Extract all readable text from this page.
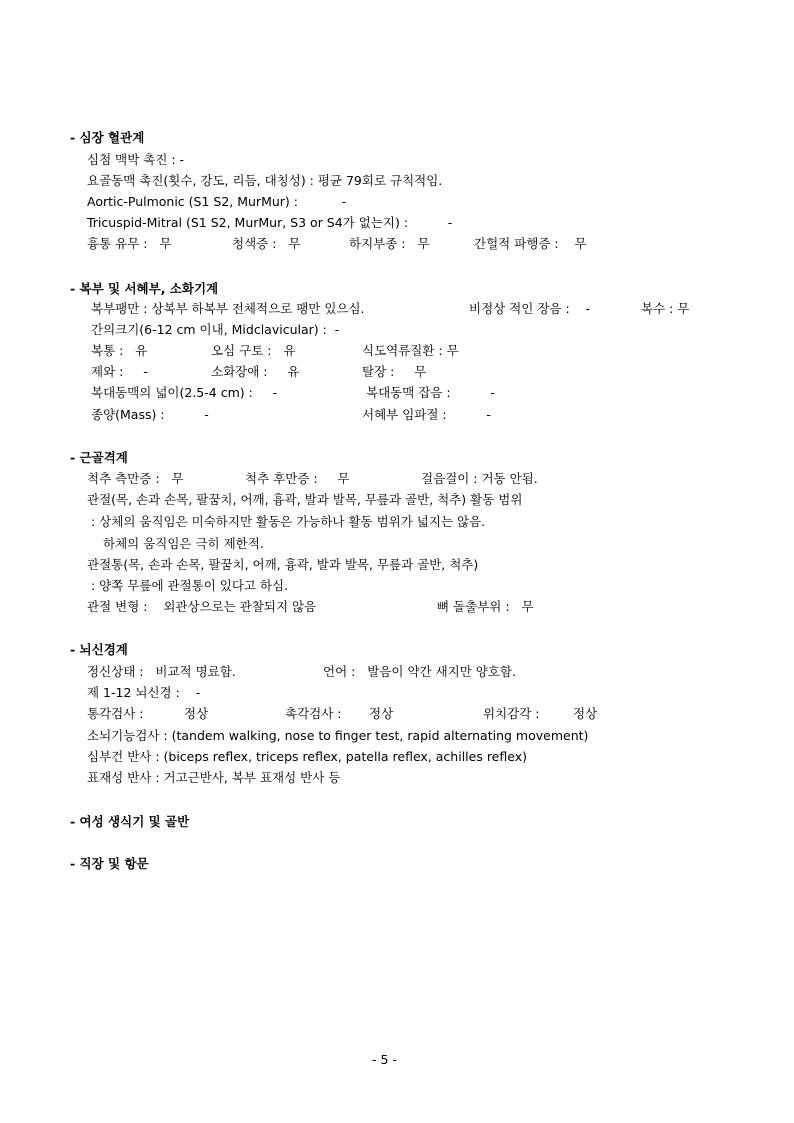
- 심장 혈관계
심첨 맥박 촉진 : -
요골동맥 촉진(횟수, 강도, 리듬, 대칭성) : 평균 79회로 규칙적임.
Aortic-Pulmonic (S1 S2, MurMur) :           -
Tricuspid-Mitral (S1 S2, MurMur, S3 or S4가 없는지) :          -
흉통 유무 :   무	청색증 :   무	하지부종 :   무	간헐적 파행증 :    무
- 복부 및 서혜부, 소화기계
복부팽만 : 상복부 하복부 전체적으로 팽만 있으심.	비정상 적인 장음 :    -	복수 : 무
간의크기(6-12 cm 이내, Midclavicular) :  -
복통 :   유	오심 구토 :   유	식도역류질환 : 무
제와 :     -	소화장애 :     유	탈장 :     무
복대동맥의 넓이(2.5-4 cm) :     -	복대동맥 잡음 :          -
종양(Mass) :          -	서혜부 임파절 :          -
- 근골격계
척추 측만증 :   무	척추 후만증 :     무	걸음걸이 : 거동 안됨.
관절(목, 손과 손목, 팔꿈치, 어깨, 흉곽, 발과 발목, 무릎과 골반, 척추) 활동 범위
: 상체의 움직임은 미숙하지만 활동은 가능하나 활동 범위가 넓지는 않음.
하체의 움직임은 극히 제한적.
관절통(목, 손과 손목, 팔꿈치, 어깨, 흉곽, 발과 발목, 무릎과 골반, 척추)
: 양쪽 무릎에 관절통이 있다고 하심.
관절 변형 :    외관상으로는 관찰되지 않음	뼈 돌출부위 :   무
- 뇌신경계
정신상태 :   비교적 명료함.	언어 :   발음이 약간 새지만 양호함.
제 1-12 뇌신경 :    -
통각검사 :	정상	촉각검사 : 정상	위치감각 :	정상
소뇌기능검사 : (tandem walking, nose to finger test, rapid alternating movement)
심부건 반사 : (biceps reflex, triceps reflex, patella reflex, achilles reflex)
표재성 반사 : 거고근반사, 복부 표재성 반사 등
- 여성 생식기 및 골반
- 직장 및 항문
- 5 -
